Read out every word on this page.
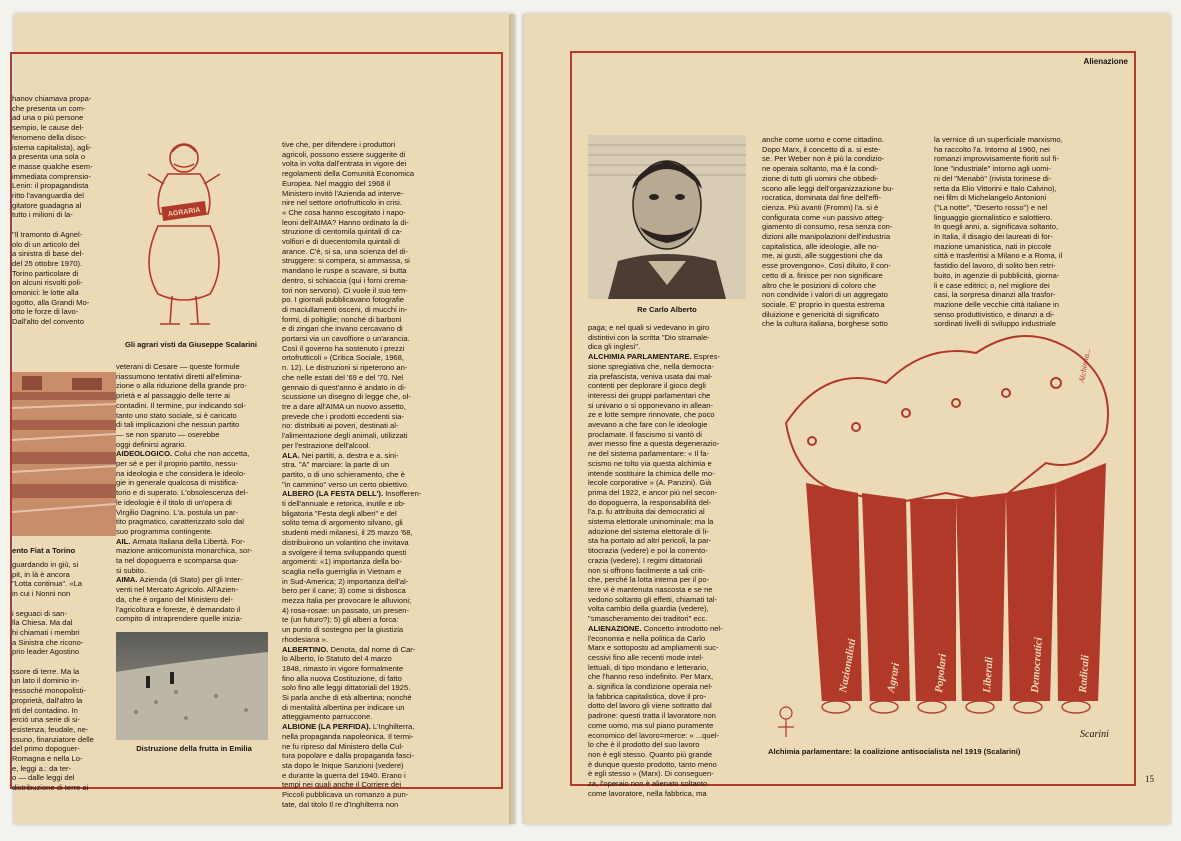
hanov chiamava propa-
che presenta un com-
ad una o più persone
sempio, le cause del-
fenomeno della disoc-
istema capitalista), agli-
a presenta una sola o
e masse qualche esem-
immediata comprensio-
Lenin: il propagandista
ritto l'avanguardia del
gitatore guadagna al
tutto i milioni di la-

"Il tramonto di Agnel-
olo di un articolo del
a sinistra di base del-
del 25 ottobre 1970).
Torino particolare di
on alcuni risvolti poli-
omonici: le lotte alla
ogotto, alla Grandi Mo-
otto le forze di lavo-
Dall'alto del convento
ento Fiat a Torino
guardando in giù, si
pit, in là è ancora
"Lotta continua". «La
in cui i Nonni non

i seguaci di san-
lla Chiesa. Ma dal
hi chiamati i membri
a Sinistra che ricono-
prio leader Agostino

ssore di terre. Ma la
un lato il dominio in-
ressoché monopolisti-
proprietà, dall'altro la
nti del contadino. In
erciò una serie di si-
esistenza, feudale, ne-
ssuno, finanziatore delle
del primo dopoguer-
Romagna e nella Lo-
e, leggi a.: da ter-
o — dalle leggi del
distribuzione di terre ai
AGRARIA
Gli agrari visti da Giuseppe Scalarini
veterani di Cesare — queste formule
riassumono tentativi diretti all'elimina-
zione o alla riduzione della grande pro-
prietà e al passaggio delle terre ai
contadini. Il termine, pur indicando sol-
tanto uno stato sociale, si è caricato
di tali implicazioni che nessun partito
— se non sparuto — oserebbe
oggi definirsi agrario.
AIDEOLOGICO. Colui che non accetta,
per sé e per il proprio partito, nessu-
na ideologia e che considera le ideolo-
gie in generale qualcosa di mistifica-
torio e di superato. L'obsolescenza del-
le ideologie è il titolo di un'opera di
Virgilio Dagnino. L'a. postula un par-
tito pragmatico, caratterizzato solo dal
suo programma contingente.
AIL. Armata Italiana della Libertà. For-
mazione anticomunista monarchica, sor-
ta nel dopoguerra e scomparsa qua-
si subito.
AIMA. Azienda (di Stato) per gli Inter-
venti nel Mercato Agricolo. All'Azien-
da, che è organo del Ministero del-
l'agricoltura e foreste, è demandato il
compito di intraprendere quelle inizia-
Distruzione della frutta in Emilia
tive che, per difendere i produttori
agricoli, possono essere suggerite di
volta in volta dall'entrata in vigore dei
regolamenti della Comunità Economica
Europea. Nel maggio del 1968 il
Ministero invitò l'Azienda ad interve-
nire nel settore ortofrutticolo in crisi.
« Che cosa hanno escogitato i napo-
leoni dell'AIMA? Hanno ordinato la di-
struzione di centomila quintali di ca-
volfiori e di duecentomila quintali di
arance. C'è, si sa, una scienza del di-
struggere: si compera, si ammassa, si
mandano le ruspe a scavare, si butta
dentro, si schiaccia (qui i forni crema-
tori non servono). Ci vuole il suo tem-
po. I giornali pubblicavano fotografie
di maciullamenti osceni, di mucchi in-
formi, di poltiglie; nonché di barboni
e di zingari che invano cercavano di
portarsi via un cavolfiore o un'arancia.
Così il governo ha sostenuto i prezzi
ortofrutticoli » (Critica Sociale, 1968,
n. 12). Le distruzioni si ripeterono an-
che nelle estati del '69 e del '70. Nel
gennaio di quest'anno è andato in di-
scussione un disegno di legge che, ol-
tre a dare all'AIMA un nuovo assetto,
prevede che i prodotti eccedenti sia-
no: distribuiti ai poveri, destinati al-
l'alimentazione degli animali, utilizzati
per l'estrazione dell'alcool.
ALA. Nei partiti, a. destra e a. sini-
stra. "A" marciare: la parte di un
partito, o di uno schieramento, che è
"in cammino" verso un certo obiettivo.
ALBERO (LA FESTA DELL'). Insofferen-
ti dell'annuale e retorica, inutile e ob-
bligatoria "Festa degli alberi" e del
solito tema di argomento silvano, gli
studenti medi milanesi, il 25 marzo '68,
distribuirono un volantino che invitava
a svolgere il tema sviluppando questi
argomenti: «1) importanza della bo-
scaglia nella guerriglia in Vietnam e
in Sud-America; 2) importanza dell'al-
bero per il cane; 3) come si disbosca
mezza Italia per provocare le alluvioni;
4) rosa-rosae: un passato, un presen-
te (un futuro?); 5) gli alberi a forca:
un punto di sostegno per la giustizia
rhodesiana ».
ALBERTINO. Denota, dal nome di Car-
lo Alberto, lo Statuto del 4 marzo
1848, rimasto in vigore formalmente
fino alla nuova Costituzione, di fatto
solo fino alle leggi dittatoriali del 1925.
Si parla anche di età albertina; nonché
di mentalità albertina per indicare un
atteggiamento parruccone.
ALBIONE (LA PERFIDA). L'Inghilterra,
nella propaganda napoleonica. Il termi-
ne fu ripreso dal Ministero della Cul-
tura popolare e dalla propaganda fasci-
sta dopo le Inique Sanzioni (vedere)
e durante la guerra del 1940. Erano i
tempi nei quali anche il Corriere dei
Piccoli pubblicava un romanzo a pun-
tate, dal titolo Il re d'Inghilterra non
Alienazione
Re Carlo Alberto
paga; e nel quali si vedevano in giro
distintivi con la scritta "Dio stramale-
dica gli inglesi".
ALCHIMIA PARLAMENTARE. Espres-
sione spregiativa che, nella democra-
zia prefascista, veniva usata dai mal-
contenti per deplorare il gioco degli
interessi dei gruppi parlamentari che
si univano o si opponevano in allean-
ze e lotte sempre rinnovate, che poco
avevano a che fare con le ideologie
proclamate. Il fascismo si vantò di
aver messo fine a questa degenerazio-
ne del sistema parlamentare: « Il fa-
scismo ne tolto via questa alchimia e
intende sostituire la chimica delle mo-
lecole corporative » (A. Panzini). Già
prima del 1922, e ancor più nel secon-
do dopoguerra, la responsabilità del-
l'a.p. fu attribuita dai democratici al
sistema elettorale uninominale; ma la
adozione del sistema elettorale di li-
sta ha portato ad altri pericoli, la par-
titocrazia (vedere) e poi la corrento-
crazia (vedere). I regimi dittatoriali
non si offrono facilmente a tali criti-
che, perché la lotta interna per il po-
tere vi è mantenuta nascosta e se ne
vedono soltanto gli effetti, chiamati tal-
volta cambio della guardia (vedere),
"smascheramento dei traditori" ecc.
ALIENAZIONE. Concetto introdotto nel-
l'economia e nella politica da Carlo
Marx e sottoposto ad ampliamenti suc-
cessivi fino alle recenti mode intel-
lettuali, di tipo mondano e letterario,
che l'hanno reso indefinito. Per Marx,
a. significa la condizione operaia nel-
la fabbrica capitalistica, dove il pro-
dotto del lavoro gli viene sottratto dal
padrone: questi tratta il lavoratore non
come uomo, ma sul piano puramente
economico del lavoro=merce: « ...quel-
lo che è il prodotto del suo lavoro
non è egli stesso. Quanto più grande
è dunque questo prodotto, tanto meno
è egli stesso » (Marx). Di conseguen-
za, l'operaio non è alienato soltanto
come lavoratore, nella fabbrica, ma
anche come uomo e come cittadino.
Dopo Marx, il concetto di a. si este-
se. Per Weber non è più la condizio-
ne operaia soltanto, ma è la condi-
zione di tutti gli uomini che obbedi-
scono alle leggi dell'organizzazione bu-
rocratica, dominata dal fine dell'effi-
cienza. Più avanti (Fromm) l'a. si è
configurata come «un passivo atteg-
giamento di consumo, resa senza con-
dizioni alle manipolazioni dell'industria
capitalistica, alle ideologie, alle no-
me, ai gusti, alle suggestioni che da
esse provengono». Così diluito, il con-
cetto di a. finisce per non significare
altro che le posizioni di coloro che
non condivide i valori di un aggregato
sociale. E' proprio in questa estrema
diluizione e genericità di significato
che la cultura italiana, borghese sotto
la vernice di un superficiale marxismo,
ha raccolto l'a. Intorno al 1960, nei
romanzi improvvisamente fioriti sul fi-
lone "industriale" intorno agli uomi-
ni del "Menabò" (rivista torinese di-
retta da Elio Vittorini e Italo Calvino),
nei film di Michelangelo Antonioni
("La notte", "Deserto rosso") e nel
linguaggio giornalistico e salottiero.
In quegli anni, a. significava soltanto,
in Italia, il disagio dei laureati di for-
mazione umanistica, nati in piccole
città e trasferitisi a Milano e a Roma, il
fastidio del lavoro, di solito ben retri-
buito, in agenzie di pubblicità, giorna-
li e case editrici; o, nel migliore dei
casi, la sorpresa dinanzi alla trasfor-
mazione delle vecchie città italiane in
senso produttivistico, e dinanzi a di-
sordinati livelli di sviluppo industriale
Nazionalisti Agrari	Popolari	Liberali	Democratici	Radicali
Scarini
Alchimia...
Alchimia parlamentare: la coalizione antisocialista nel 1919 (Scalarini)
15
